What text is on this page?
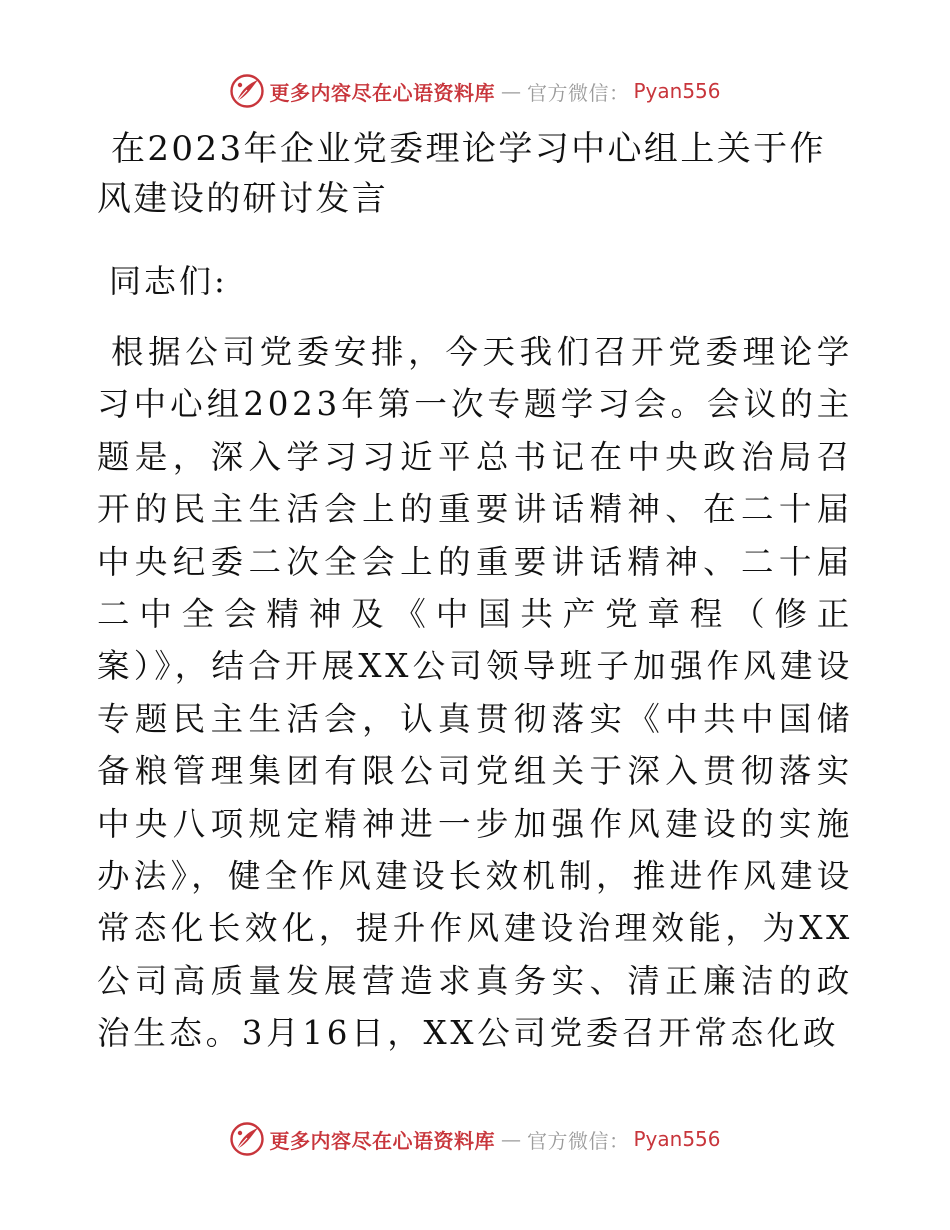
更多内容尽在心语资料库 — 官方微信： Pyan556
在2023年企业党委理论学习中心组上关于作风建设的研讨发言

同志们:

根据公司党委安排，今天我们召开党委理论学习中心组2023年第一次专题学习会。会议的主题是，深入学习习近平总书记在中央政治局召开的民主生活会上的重要讲话精神、在二十届中央纪委二次全会上的重要讲话精神、二十届二中全会精神及《中国共产党章程（修正案）》，结合开展XX公司领导班子加强作风建设专题民主生活会，认真贯彻落实《中共中国储备粮管理集团有限公司党组关于深入贯彻落实中央八项规定精神进一步加强作风建设的实施办法》，健全作风建设长效机制，推进作风建设常态化长效化，提升作风建设治理效能，为XX公司高质量发展营造求真务实、清正廉洁的政治生态。3月16日，XX公司党委召开常态化政

更多内容尽在心语资料库 — 官方微信： Pyan556
